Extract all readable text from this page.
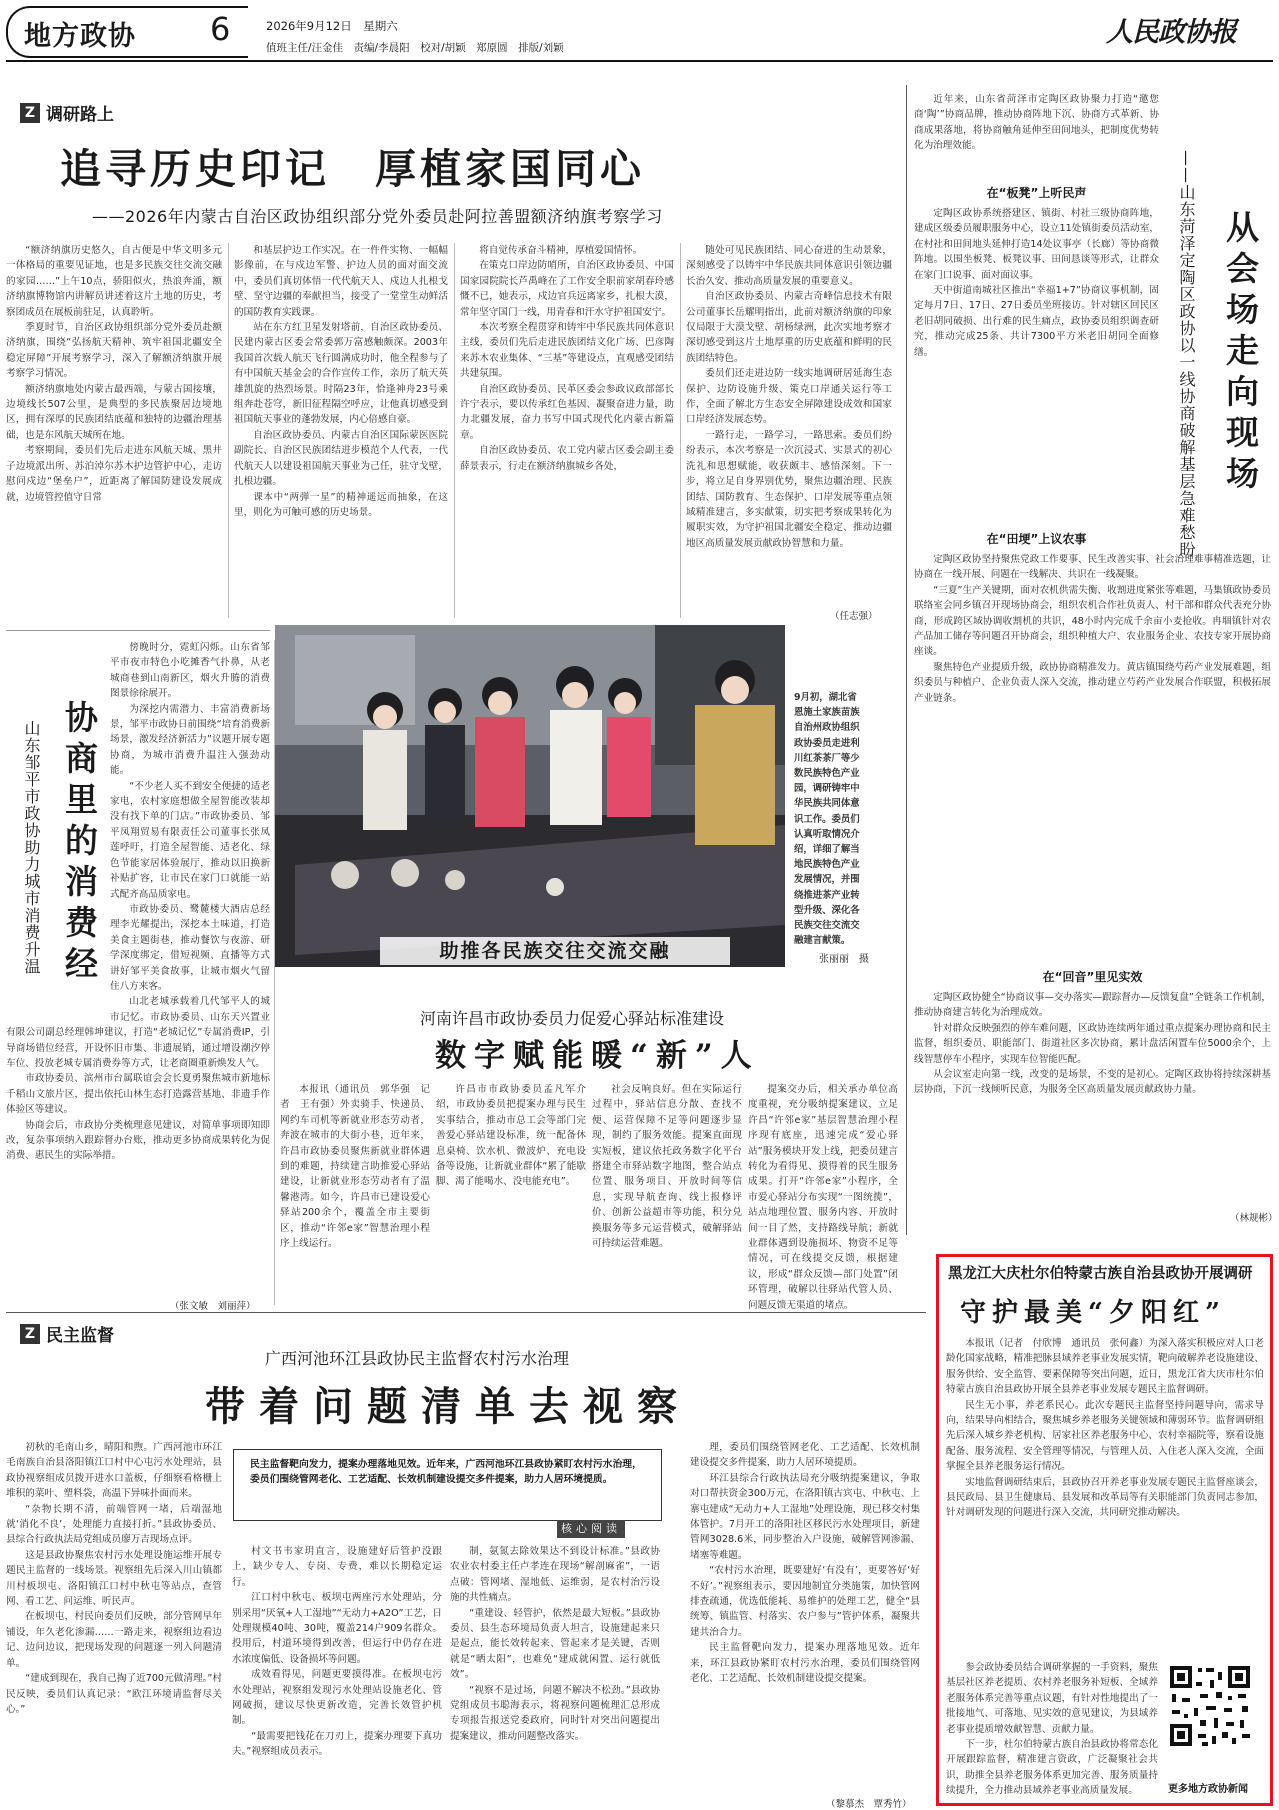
地方政协 6	2026年9月12日　星期六
值班主任/汪金佳　责编/李晨阳　校对/胡颖　郑原圆　排版/刘颖	人民政协报
Z 调研路上
追寻历史印记　厚植家国同心
——2026年内蒙古自治区政协组织部分党外委员赴阿拉善盟额济纳旗考察学习

“额济纳旗历史悠久，自古便是中华文明多元一体格局的重要见证地，也是多民族交往交流交融的家园……”上午10点，骄阳似火，热浪奔涌，额济纳旗博物馆内讲解员讲述着这片土地的历史，考察团成员在展板前驻足，认真聆听。

季夏时节，自治区政协组织部分党外委员赴额济纳旗，围绕“弘扬航天精神、筑牢祖国北疆安全稳定屏障”开展考察学习，深入了解额济纳旗开展考察学习情况。

额济纳旗地处内蒙古最西端，与蒙古国接壤，边境线长507公里，是典型的多民族聚居边境地区，拥有深厚的民族团结底蕴和独特的边疆治理基础，也是东风航天城所在地。

考察期间，委员们先后走进东风航天城、黑井子边境派出所、苏泊淖尔苏木护边管护中心，走访慰问戍边“堡垒户”，近距离了解国防建设发展成就，边境管控值守日常

和基层护边工作实况。在一件件实物、一幅幅影像前，在与戍边军警、护边人员的面对面交流中，委员们真切体悟一代代航天人、戍边人扎根戈壁、坚守边疆的奉献担当，接受了一堂堂生动鲜活的国防教育实践课。

站在东方红卫星发射塔前，自治区政协委员、民建内蒙古区委会常委郭万富感触颇深。2003年我国首次载人航天飞行圆满成功时，他全程参与了有中国航天基金会的合作宣传工作，亲历了航天英雄凯旋的热烈场景。时隔23年，恰逢神舟23号乘组奔赴苍穹，新旧征程隔空呼应，让他真切感受到祖国航天事业的蓬勃发展，内心倍感自豪。

自治区政协委员、内蒙古自治区国际蒙医医院副院长、自治区民族团结进步模范个人代表，一代代航天人以建设祖国航天事业为己任，驻守戈壁，扎根边疆。

课本中“两弹一星”的精神遥远而抽象，在这里，则化为可触可感的历史场景。

将自觉传承奋斗精神，厚植爱国情怀。

在策克口岸边防哨所，自治区政协委员、中国国家园院院长芦禹峰在了工作安全职前家胡春玲感慨不已，她表示，戍边官兵远离家乡，扎根大漠，常年坚守国门一线，用青春和汗水守护祖国安宁。

本次考察全程贯穿和铸牢中华民族共同体意识主线，委员们先后走进民族团结文化广场、巴彦陶来苏木农业集体、“三基”等建设点，直观感受团结共建氛围。

自治区政协委员、民革区委会参政议政部部长许宁表示，要以传承红色基因、凝聚奋进力量，助力北疆发展，奋力书写中国式现代化内蒙古新篇章。

自治区政协委员、农工党内蒙古区委会副主委薛景表示，行走在额济纳旗城乡各处，

随处可见民族团结、同心奋进的生动景象，深刻感受了以铸牢中华民族共同体意识引领边疆长治久安、推动高质量发展的重要意义。

自治区政协委员、内蒙古奇峰信息技术有限公司董事长岳耀明指出，此前对额济纳旗的印象仅局限于大漠戈壁、胡杨绿洲，此次实地考察才深切感受到这片土地厚重的历史底蕴和鲜明的民族团结特色。

委员们还走进边防一线实地调研居延海生态保护、边防设施升级、策克口岸通关运行等工作，全面了解北方生态安全屏障建设成效和国家口岸经济发展态势。

一路行走，一路学习，一路思索。委员们纷纷表示，本次考察是一次沉浸式、实景式的初心洗礼和思想赋能，收获颇丰、感悟深刻。下一步，将立足自身界别优势，聚焦边疆治理、民族团结、国防教育、生态保护、口岸发展等重点领域精准建言，多实献策，切实把考察成果转化为履职实效，为守护祖国北疆安全稳定、推动边疆地区高质量发展贡献政协智慧和力量。

（任志强）

近年来，山东省菏泽市定陶区政协聚力打造“邀您商‘陶’”协商品牌，推动协商阵地下沉、协商方式革新、协商成果落地，将协商触角延伸至田间地头，把制度优势转化为治理效能。

——山东菏泽定陶区政协以一线协商破解基层急难愁盼 从会场走向现场
在“板凳”上听民声

定陶区政协系统搭建区、镇街、村社三级协商阵地，建成区级委员履职服务中心，设立11处镇街委员活动室，在村社和田间地头延伸打造14处议事亭（长廊）等协商微阵地。以围坐板凳、板凳议事、田间恳谈等形式，让群众在家门口说事、面对面议事。

天中街道南城社区推出“幸福1+7”协商议事机制，固定每月7日、17日、27日委员坐班接访。针对辖区回民区老旧胡同破损、出行难的民生痛点，政协委员组织调查研究，推动完成25条、共计7300平方米老旧胡同全面修缮。

在“田埂”上议农事

定陶区政协坚持聚焦党政工作要事、民生改善实事、社会治理难事精准选题，让协商在一线开展、问题在一线解决、共识在一线凝聚。

“三夏”生产关键期，面对农机供需失衡、收割进度紧张等难题，马集镇政协委员联络室会同乡镇召开现场协商会，组织农机合作社负责人、村干部和群众代表充分协商，形成跨区域协调收割机的共识，48小时内完成千余亩小麦抢收。冉堌镇针对农产品加工储存等问题召开协商会，组织种植大户、农业服务企业、农技专家开展协商座谈。

聚焦特色产业提质升级，政协协商精准发力。黄店镇围绕芍药产业发展难题，组织委员与种植户、企业负责人深入交流，推动建立芍药产业发展合作联盟，积极拓展产业链条。

在“回音”里见实效

定陶区政协健全“协商议事—交办落实—跟踪督办—反馈复盘”全链条工作机制，推动协商建言转化为治理成效。

针对群众反映强烈的停车难问题，区政协连续两年通过重点提案办理协商和民主监督，组织委员、职能部门、街道社区多次协商，累计盘活闲置车位5000余个，上线智慧停车小程序，实现车位智能匹配。

从会议室走向第一线，改变的是场景，不变的是初心。定陶区政协将持续深耕基层协商，下沉一线倾听民意，为服务全区高质量发展贡献政协力量。

（林规彬）
山东邹平市政协助力城市消费升温 协商里的消费经

傍晚时分，霓虹闪烁。山东省邹平市夜市特色小吃摊香气扑鼻，从老城商巷到山南新区，烟火升腾的消费图景徐徐展开。

为深挖内需潜力、丰富消费新场景，邹平市政协日前围绕“培育消费新场景，激发经济新活力”议题开展专题协商，为城市消费升温注入强劲动能。

“不少老人买不到安全便捷的适老家电，农村家庭想做全屋智能改装却没有找下单的门店。”市政协委员、邹平凤翔贸易有限责任公司董事长张凤莲呼吁，打造全屋智能、适老化、绿色节能家居体验展厅，推动以旧换新补贴扩容，让市民在家门口就能一站式配齐高品质家电。

市政协委员、鹭麓楼大酒店总经理李光耀提出，深挖本土味道，打造美食主题街巷，推动餐饮与夜游、研学深度绑定，借短视频、直播等方式讲好邹平美食故事，让城市烟火气留住八方来客。

山北老城承载着几代邹平人的城市记忆。市政协委员、山东天兴置业有限公司副总经理韩坤建议，打造“老城记忆”专属消费IP，引导商场错位经营，开设怀旧市集、非遗展销，通过增设潮汐停车位、投放老城专属消费券等方式，让老商圈重新焕发人气。

市政协委员、滨州市台属联谊会会长夏勇聚焦城市新地标千稻山文旅片区，提出依托山林生态打造露营基地、非遗手作体验区等建议。

协商会后，市政协分类梳理意见建议，对简单事项即知即改，复杂事项纳入跟踪督办台账，推动更多协商成果转化为促消费、惠民生的实际举措。

（张文敏　刘丽萍）
助推各民族交往交流交融
9月初，湖北省恩施土家族苗族自治州政协组织政协委员走进利川红茶茶厂等少数民族特色产业园，调研铸牢中华民族共同体意识工作。委员们认真听取情况介绍，详细了解当地民族特色产业发展情况，并围绕推进茶产业转型升级、深化各民族交往交流交融建言献策。
张丽丽　摄
河南许昌市政协委员力促爱心驿站标准建设
数字赋能暖“新”人

本报讯（通讯员　郭华强　记者　王有强）外卖骑手、快递员、网约车司机等新就业形态劳动者，奔波在城市的大街小巷，近年来，许昌市政协委员聚焦新就业群体遇到的难题，持续建言助推爱心驿站建设，让新就业形态劳动者有了温馨港湾。如今，许昌市已建设爱心驿站200余个，覆盖全市主要街区，推动“许邻e家”智慧治理小程序上线运行。

许昌市市政协委员孟凡军介绍，市政协委员把提案办理与民生实事结合，推动市总工会等部门完善爱心驿站建设标准，统一配备休息桌椅、饮水机、微波炉、充电设备等设施，让新就业群体“累了能歇脚、渴了能喝水、没电能充电”。

社会反响良好。但在实际运行过程中，驿站信息分散、查找不便、运营保障不足等问题逐步显现，制约了服务效能。提案直面现实短板，建议依托政务数字化平台搭建全市驿站数字地图，整合站点位置、服务项目、开放时间等信息，实现导航查询、线上报修评价、创新公益超市等功能，积分兑换服务等多元运营模式，破解驿站可持续运营难题。

提案交办后，相关承办单位高度重视，充分吸纳提案建议，立足许昌“许邻e家”基层智慧治理小程序现有底座，迅速完成“爱心驿站”服务模块开发上线，把委员建言转化为看得见、摸得着的民生服务成果。打开“许邻e家”小程序，全市爱心驿站分布实现“一图统揽”，站点地理位置、服务内容、开放时间一目了然，支持路线导航；新就业群体遇到设施损坏、物资不足等情况，可在线提交反馈，根据建议，形成“群众反馈—部门处置”闭环管理，破解以往驿站代管人员、问题反馈无渠道的堵点。

Z 民主监督
广西河池环江县政协民主监督农村污水治理
带着问题清单去视察
民主监督靶向发力，提案办理落地见效。近年来，广西河池环江县政协紧盯农村污水治理，委员们围绕管网老化、工艺适配、长效机制建设提交多件提案，助力人居环境提质。
核心阅读

初秋的毛南山乡，晴阳和煦。广西河池市环江毛南族自治县洛阳镇江口村中心屯污水处理站，县政协视察组成员拨开进水口盖板，仔细察看格栅上堆积的菜叶、塑料袋，高温下异味扑面而来。

“杂物长期不清，前端管网一堵，后端湿地就‘消化不良’，处理能力直接打折。”县政协委员、县综合行政执法局党组成员廖万吉现场点评。

这是县政协聚焦农村污水处理设施运维开展专题民主监督的一线场景。视察组先后深入川山镇都川村板坝屯、洛阳镇江口村中秋屯等站点，查管网、看工艺、问运维、听民声。

在板坝屯，村民向委员们反映，部分管网早年铺设，年久老化渗漏……一路走来，视察组边看边记、边问边议，把现场发现的问题逐一列入问题清单。

“建成到现在，我自己掏了近700元做清理。”村民反映，委员们认真记录：“欧江环境请监督尽关心。”

村文书韦家玥直言，设施建好后管护没跟上，缺少专人、专岗、专费，难以长期稳定运行。

江口村中秋屯、板坝屯两座污水处理站，分别采用“厌氧+人工湿地”“无动力+A2O”工艺，日处理规模40吨、30吨，覆盖214户909名群众。投用后，村道环境得到改善，但运行中仍存在进水浓度偏低、设备损坏等问题。

成效看得见，问题更要摸得准。在板坝屯污水处理站，视察组发现污水处理站设施老化、管网破损，建议尽快更新改造，完善长效管护机制。

“最需要把钱花在刀刃上，提案办理要下真功夫。”视察组成员表示。

制，氨氮去除效果达不到设计标准。”县政协农业农村委主任卢孝连在现场“解剖麻雀”，一语点破：管网堵、湿地低、运维弱，是农村治污设施的共性痛点。

“重建设、轻管护，依然是最大短板。”县政协委员、县生态环境局负责人坦言，设施建起来只是起点，能长效转起来、管起来才是关键，否则就是“晒太阳”，也难免“建成就闲置、运行就低效”。

“视察不是过场，问题不解决不松劲。”县政协党组成员韦聪海表示，将视察问题梳理汇总形成专项报告报送党委政府，同时针对突出问题提出提案建议，推动问题整改落实。

理，委员们围绕管网老化、工艺适配、长效机制建设提交多件提案，助力人居环境提质。

环江县综合行政执法局充分吸纳提案建议，争取对口帮扶资金300万元，在洛阳镇古宾屯、中秋屯、上寨屯建成“无动力+人工湿地”处理设施，现已移交村集体管护。7月开工的洛阳社区移民污水处理项目，新建管网3028.6米，同步整治入户设施，破解管网渗漏、堵塞等难题。

“农村污水治理，既要建好‘有没有’，更要答好‘好不好’。”视察组表示，要因地制宜分类施策，加快管网排查疏通，优选低能耗、易维护的处理工艺，健全“县统筹、镇监管、村落实、农户参与”管护体系，凝聚共建共治合力。

民主监督靶向发力，提案办理落地见效。近年来，环江县政协紧盯农村污水治理，委员们围绕管网老化、工艺适配、长效机制建设提交提案。

（黎慕杰　覃秀竹）
黑龙江大庆杜尔伯特蒙古族自治县政协开展调研
守护最美“夕阳红”

本报讯（记者　付欣博　通讯员　张何鑫）为深入落实积极应对人口老龄化国家战略，精准把脉县域养老事业发展实情，靶向破解养老设施建设、服务供给、安全监管、要素保障等突出问题，近日，黑龙江省大庆市杜尔伯特蒙古族自治县政协开展全县养老事业发展专题民主监督调研。

民生无小事，养老系民心。此次专题民主监督坚持问题导向，需求导向，结果导向相结合，聚焦城乡养老服务关键领域和薄弱环节。监督调研组先后深入城乡养老机构、居家社区养老服务中心、农村幸福院等，察看设施配备、服务流程、安全管理等情况，与管理人员、入住老人深入交流，全面掌握全县养老服务运行情况。

实地监督调研结束后，县政协召开养老事业发展专题民主监督座谈会，县民政局、县卫生健康局、县发展和改革局等有关职能部门负责同志参加，针对调研发现的问题进行深入交流，共同研究推动解决。

参会政协委员结合调研掌握的一手资料，聚焦基层社区养老提质、农村养老服务补短板、全域养老服务体系完善等重点议题，有针对性地提出了一批接地气、可落地、见实效的意见建议，为县域养老事业提质增效献智慧、贡献力量。

下一步，杜尔伯特蒙古族自治县政协将常态化开展跟踪监督，精准建言资政，广泛凝聚社会共识，助推全县养老服务体系更加完善、服务质量持续提升，全力推动县域养老事业高质量发展。	更多地方政协新闻
